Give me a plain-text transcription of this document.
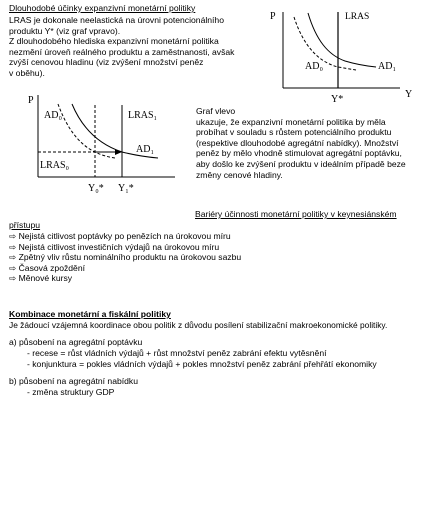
Dlouhodobé účinky expanzivní monetární politiky
LRAS je dokonale neelastická na úrovni potencionálního
produktu Y* (viz graf vpravo).
Z dlouhodobého hlediska expanzivní monetární politika
nezmění úroveň reálného produktu a zaměstnanosti, avšak
zvýší cenovou hladinu (viz zvýšení množství peněz
v oběhu).
P	LRAS
AD₀	AD₁
Y*	Y
P
AD₀	LRAS₁
AD₁
LRAS₀
Y₀* Y₁*
Graf vlevo
ukazuje, že expanzivní monetární politika by měla
probíhat v souladu s růstem potenciálního produktu
(respektive dlouhodobé agregátní nabídky). Množství
peněz by mělo vhodně stimulovat agregátní poptávku,
aby došlo ke zvýšení produktu v ideálním případě beze
změny cenové hladiny.
Bariéry účinnosti monetární politiky v keynesiánském
přístupu
⇨ Nejistá citlivost poptávky po penězích na úrokovou míru
⇨ Nejistá citlivost investičních výdajů na úrokovou míru
⇨ Zpětný vliv růstu nominálního produktu na úrokovou sazbu
⇨ Časová zpoždění
⇨ Měnové kursy
Kombinace monetární a fiskální politiky
Je žádoucí vzájemná koordinace obou politik z důvodu posílení stabilizační makroekonomické politiky.
a) působení na agregátní poptávku
- recese = růst vládních výdajů + růst množství peněz zabrání efektu vytěsnění
- konjunktura = pokles vládních výdajů + pokles množství peněz zabrání přehřátí ekonomiky
b) působení na agregátní nabídku
- změna struktury GDP
